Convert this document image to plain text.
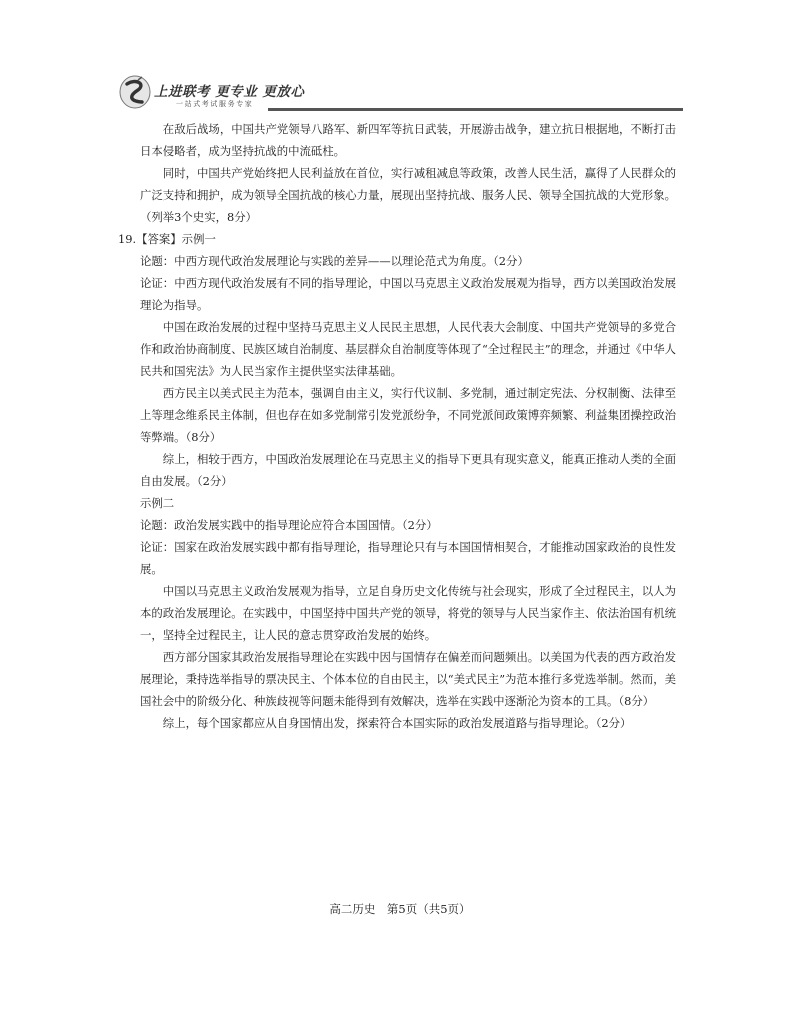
上进联考 更专业 更放心
一站式考试服务专家

在敌后战场，中国共产党领导八路军、新四军等抗日武装，开展游击战争，建立抗日根据地，不断打击日本侵略者，成为坚持抗战的中流砥柱。

同时，中国共产党始终把人民利益放在首位，实行减租减息等政策，改善人民生活，赢得了人民群众的广泛支持和拥护，成为领导全国抗战的核心力量，展现出坚持抗战、服务人民、领导全国抗战的大党形象。（列举3个史实，8分）

19.【答案】示例一

论题：中西方现代政治发展理论与实践的差异——以理论范式为角度。（2分）

论证：中西方现代政治发展有不同的指导理论，中国以马克思主义政治发展观为指导，西方以美国政治发展理论为指导。

中国在政治发展的过程中坚持马克思主义人民民主思想，人民代表大会制度、中国共产党领导的多党合作和政治协商制度、民族区域自治制度、基层群众自治制度等体现了“全过程民主”的理念，并通过《中华人民共和国宪法》为人民当家作主提供坚实法律基础。

西方民主以美式民主为范本，强调自由主义，实行代议制、多党制，通过制定宪法、分权制衡、法律至上等理念维系民主体制，但也存在如多党制常引发党派纷争，不同党派间政策博弈频繁、利益集团操控政治等弊端。（8分）

综上，相较于西方，中国政治发展理论在马克思主义的指导下更具有现实意义，能真正推动人类的全面自由发展。（2分）

示例二

论题：政治发展实践中的指导理论应符合本国国情。（2分）

论证：国家在政治发展实践中都有指导理论，指导理论只有与本国国情相契合，才能推动国家政治的良性发展。

中国以马克思主义政治发展观为指导，立足自身历史文化传统与社会现实，形成了全过程民主，以人为本的政治发展理论。在实践中，中国坚持中国共产党的领导，将党的领导与人民当家作主、依法治国有机统一，坚持全过程民主，让人民的意志贯穿政治发展的始终。

西方部分国家其政治发展指导理论在实践中因与国情存在偏差而问题频出。以美国为代表的西方政治发展理论，秉持选举指导的票决民主、个体本位的自由民主，以“美式民主”为范本推行多党选举制。然而，美国社会中的阶级分化、种族歧视等问题未能得到有效解决，选举在实践中逐渐沦为资本的工具。（8分）

综上，每个国家都应从自身国情出发，探索符合本国实际的政治发展道路与指导理论。（2分）

高二历史　第5页（共5页）
